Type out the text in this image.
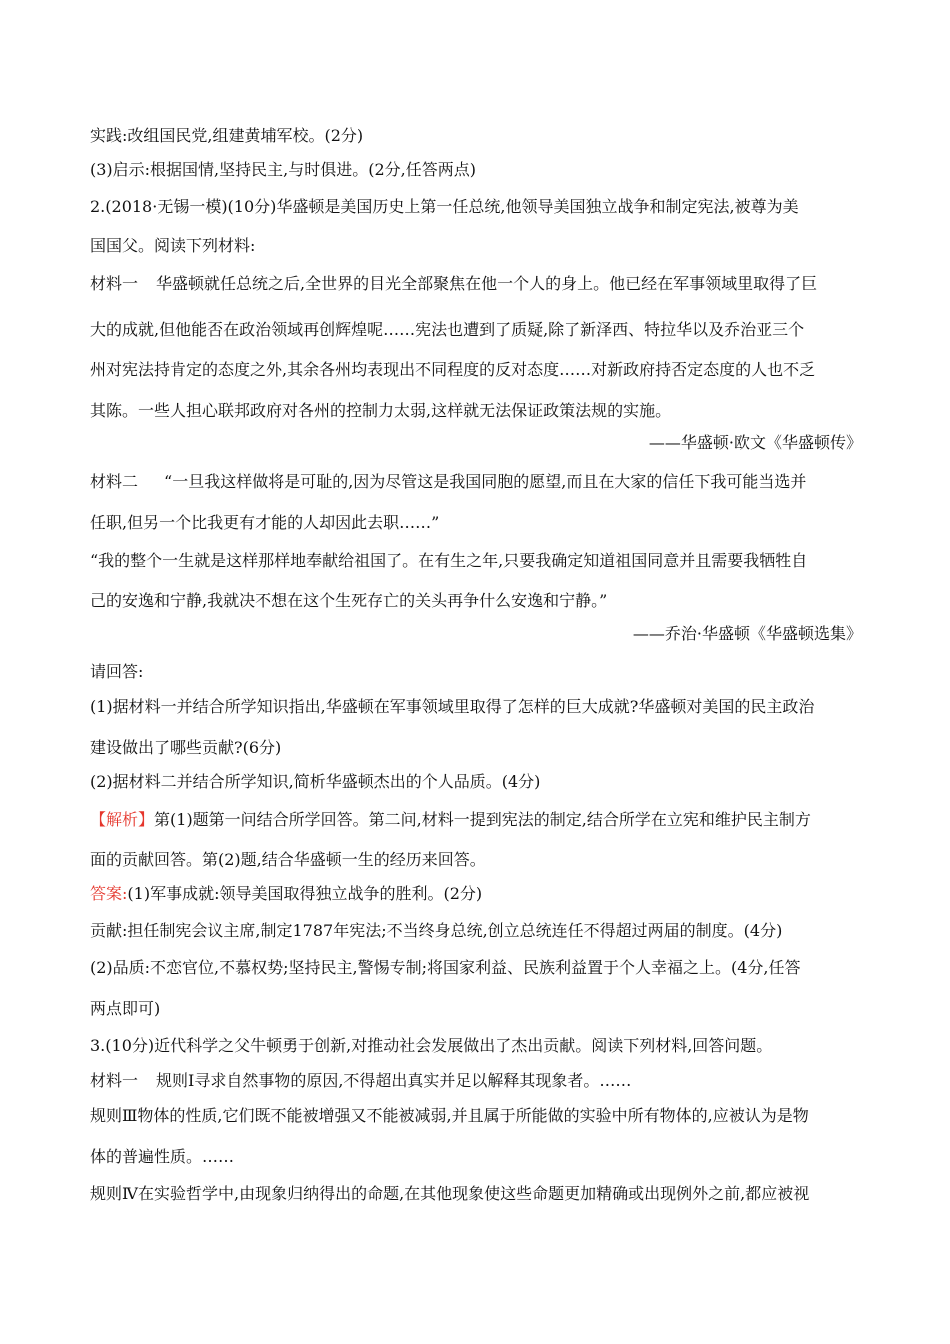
实践:改组国民党,组建黄埔军校。(2分)
(3)启示:根据国情,坚持民主,与时俱进。(2分,任答两点)
2.(2018·无锡一模)(10分)华盛顿是美国历史上第一任总统,他领导美国独立战争和制定宪法,被尊为美
国国父。阅读下列材料:
材料一 华盛顿就任总统之后,全世界的目光全部聚焦在他一个人的身上。他已经在军事领域里取得了巨
大的成就,但他能否在政治领域再创辉煌呢……宪法也遭到了质疑,除了新泽西、特拉华以及乔治亚三个
州对宪法持肯定的态度之外,其余各州均表现出不同程度的反对态度……对新政府持否定态度的人也不乏
其陈。一些人担心联邦政府对各州的控制力太弱,这样就无法保证政策法规的实施。
——华盛顿·欧文《华盛顿传》
材料二 “一旦我这样做将是可耻的,因为尽管这是我国同胞的愿望,而且在大家的信任下我可能当选并
任职,但另一个比我更有才能的人却因此去职……”
“我的整个一生就是这样那样地奉献给祖国了。在有生之年,只要我确定知道祖国同意并且需要我牺牲自
己的安逸和宁静,我就决不想在这个生死存亡的关头再争什么安逸和宁静。”
——乔治·华盛顿《华盛顿选集》
请回答:
(1)据材料一并结合所学知识指出,华盛顿在军事领域里取得了怎样的巨大成就?华盛顿对美国的民主政治
建设做出了哪些贡献?(6分)
(2)据材料二并结合所学知识,简析华盛顿杰出的个人品质。(4分)
【解析】第(1)题第一问结合所学回答。第二问,材料一提到宪法的制定,结合所学在立宪和维护民主制方
面的贡献回答。第(2)题,结合华盛顿一生的经历来回答。
答案:(1)军事成就:领导美国取得独立战争的胜利。(2分)
贡献:担任制宪会议主席,制定1787年宪法;不当终身总统,创立总统连任不得超过两届的制度。(4分)
(2)品质:不恋官位,不慕权势;坚持民主,警惕专制;将国家利益、民族利益置于个人幸福之上。(4分,任答
两点即可)
3.(10分)近代科学之父牛顿勇于创新,对推动社会发展做出了杰出贡献。阅读下列材料,回答问题。
材料一 规则Ⅰ寻求自然事物的原因,不得超出真实并足以解释其现象者。……
规则Ⅲ物体的性质,它们既不能被增强又不能被减弱,并且属于所能做的实验中所有物体的,应被认为是物
体的普遍性质。……
规则Ⅳ在实验哲学中,由现象归纳得出的命题,在其他现象使这些命题更加精确或出现例外之前,都应被视
